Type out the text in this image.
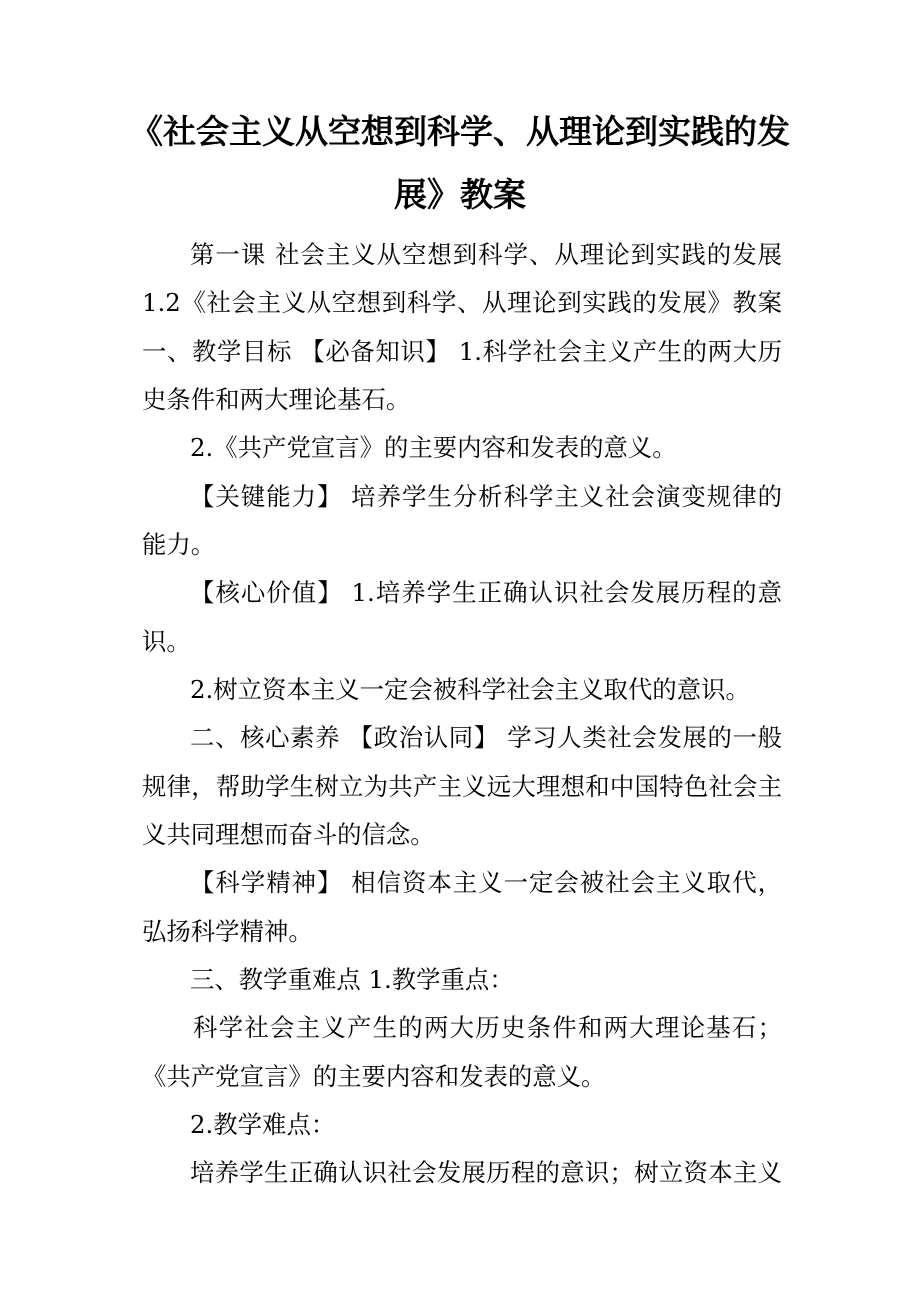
《社会主义从空想到科学、从理论到实践的发
展》教案
第一课 社会主义从空想到科学、从理论到实践的发展
1.2《社会主义从空想到科学、从理论到实践的发展》教案
一、教学目标 【必备知识】 1.科学社会主义产生的两大历
史条件和两大理论基石。
2.《共产党宣言》的主要内容和发表的意义。
【关键能力】 培养学生分析科学主义社会演变规律的
能力。
【核心价值】 1.培养学生正确认识社会发展历程的意
识。
2.树立资本主义一定会被科学社会主义取代的意识。
二、核心素养 【政治认同】 学习人类社会发展的一般
规律，帮助学生树立为共产主义远大理想和中国特色社会主
义共同理想而奋斗的信念。
【科学精神】 相信资本主义一定会被社会主义取代，
弘扬科学精神。
三、教学重难点 1.教学重点：
科学社会主义产生的两大历史条件和两大理论基石；
《共产党宣言》的主要内容和发表的意义。
2.教学难点：
培养学生正确认识社会发展历程的意识；树立资本主义
